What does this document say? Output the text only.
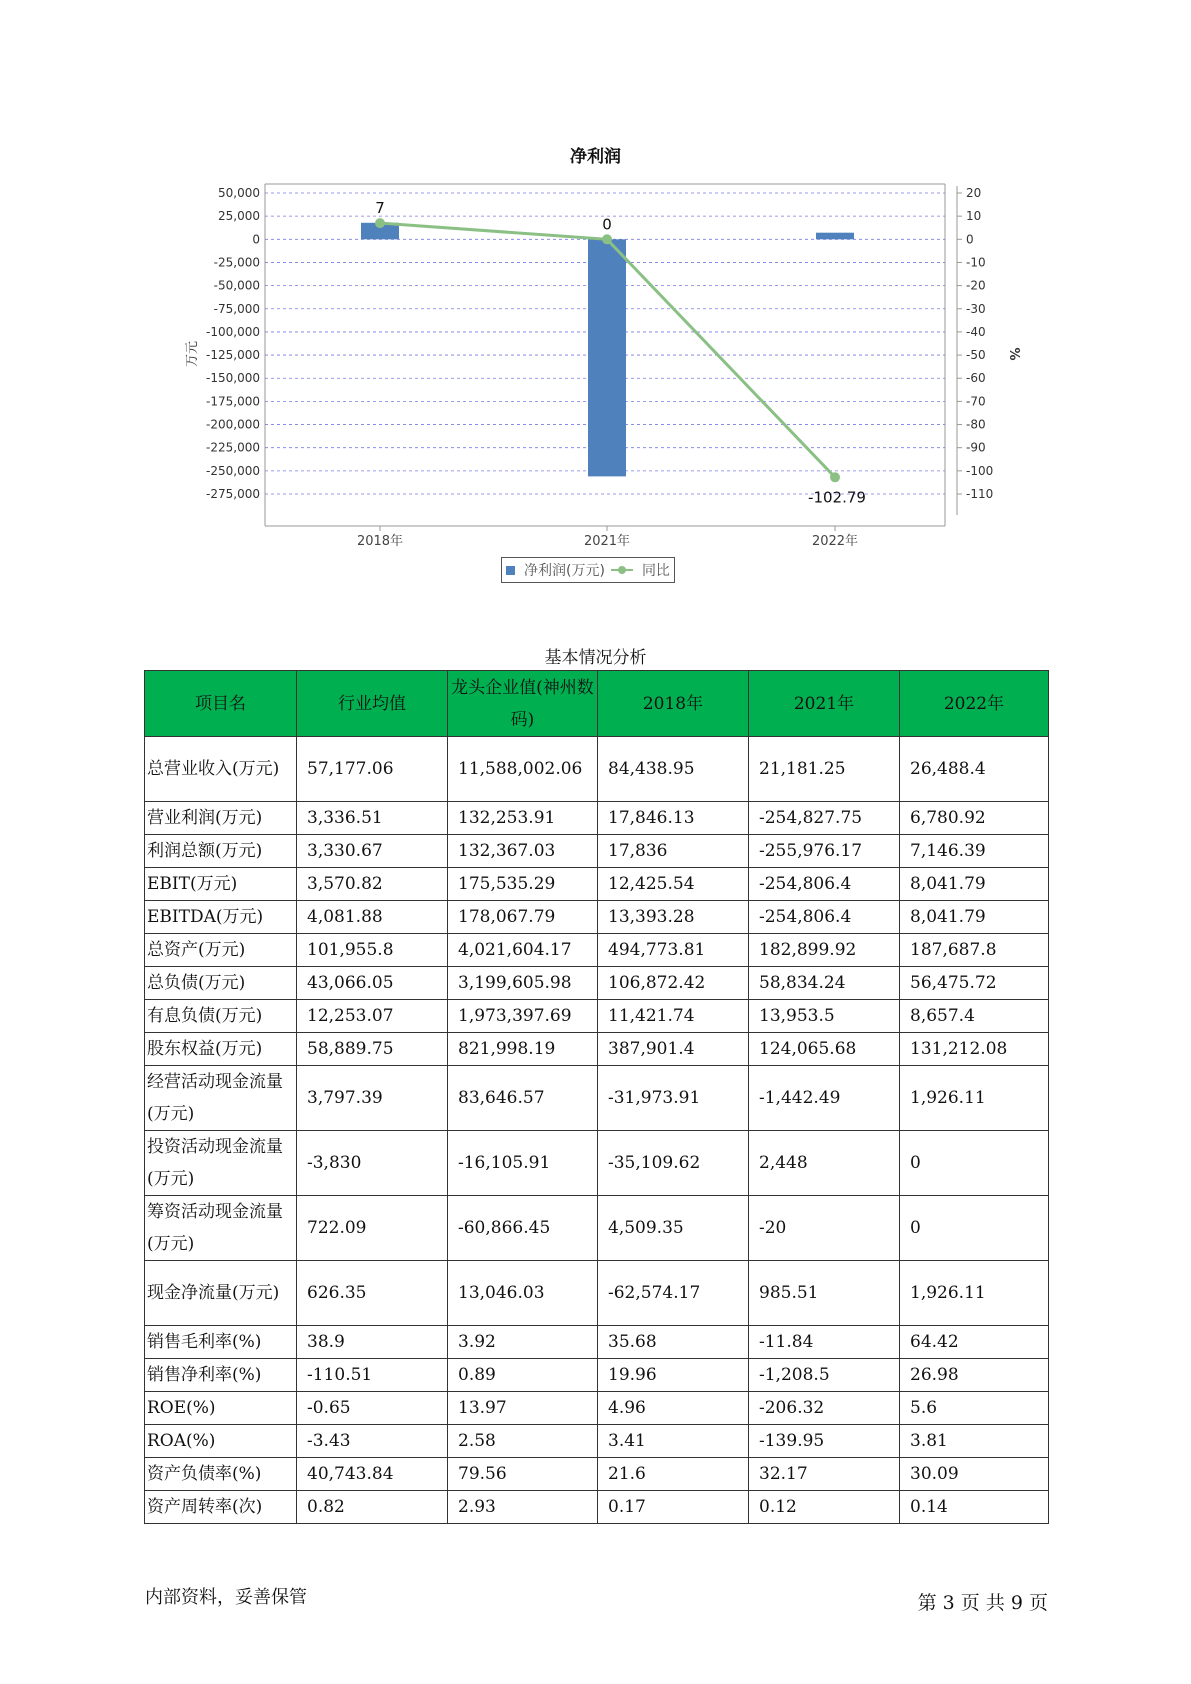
净利润
50,000
25,000
0
-25,000
-50,000
-75,000
-100,000
-125,000
-150,000
-175,000
-200,000
-225,000
-250,000
-275,000
20
10
0
-10
-20
-30
-40
-50
-60
-70
-80
-90
-100
-110
万元	%
2018年	2021年	2022年
7
0
-102.79
净利润(万元)	同比
基本情况分析
项目名	行业均值	龙头企业值(神州数码)	2018年	2021年	2022年
总营业收入(万元)	57,177.06	11,588,002.06	84,438.95	21,181.25	26,488.4
营业利润(万元)	3,336.51	132,253.91	17,846.13	-254,827.75	6,780.92
利润总额(万元)	3,330.67	132,367.03	17,836	-255,976.17	7,146.39
EBIT(万元)	3,570.82	175,535.29	12,425.54	-254,806.4	8,041.79
EBITDA(万元)	4,081.88	178,067.79	13,393.28	-254,806.4	8,041.79
总资产(万元)	101,955.8	4,021,604.17	494,773.81	182,899.92	187,687.8
总负债(万元)	43,066.05	3,199,605.98	106,872.42	58,834.24	56,475.72
有息负债(万元)	12,253.07	1,973,397.69	11,421.74	13,953.5	8,657.4
股东权益(万元)	58,889.75	821,998.19	387,901.4	124,065.68	131,212.08
经营活动现金流量(万元)	3,797.39	83,646.57	-31,973.91	-1,442.49	1,926.11
投资活动现金流量(万元)	-3,830	-16,105.91	-35,109.62	2,448	0
筹资活动现金流量(万元)	722.09	-60,866.45	4,509.35	-20	0
现金净流量(万元)	626.35	13,046.03	-62,574.17	985.51	1,926.11
销售毛利率(%)	38.9	3.92	35.68	-11.84	64.42
销售净利率(%)	-110.51	0.89	19.96	-1,208.5	26.98
ROE(%)	-0.65	13.97	4.96	-206.32	5.6
ROA(%)	-3.43	2.58	3.41	-139.95	3.81
资产负债率(%)	40,743.84	79.56	21.6	32.17	30.09
资产周转率(次)	0.82	2.93	0.17	0.12	0.14
内部资料，妥善保管	第 3 页 共 9 页
